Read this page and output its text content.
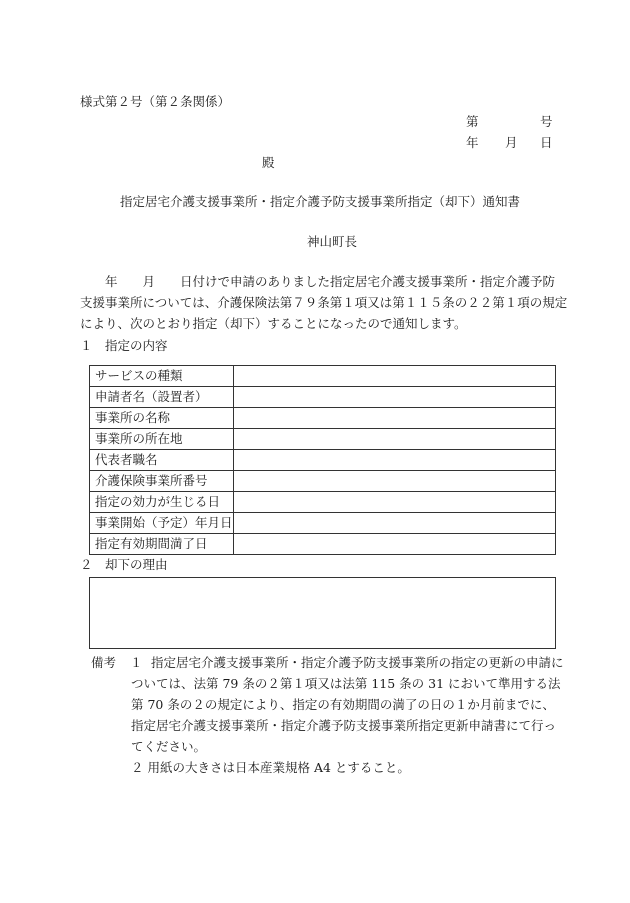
様式第２号（第２条関係）
第	号
年 月 日
殿
指定居宅介護支援事業所・指定介護予防支援事業所指定（却下）通知書
神山町長
　　年　　月　　日付けで申請のありました指定居宅介護支援事業所・指定介護予防
支援事業所については、介護保険法第７９条第１項又は第１１５条の２２第１項の規定
により、次のとおり指定（却下）することになったので通知します。
１　指定の内容
サービスの種類	
申請者名（設置者）	
事業所の名称	
事業所の所在地	
代表者職名	
介護保険事業所番号	
指定の効力が生じる日	
事業開始（予定）年月日	
指定有効期間満了日	
２　却下の理由
備考 １ 指定居宅介護支援事業所・指定介護予防支援事業所の指定の更新の申請に
ついては、法第 79 条の２第１項又は法第 115 条の 31 において準用する法
第 70 条の２の規定により、指定の有効期間の満了の日の１か月前までに、
指定居宅介護支援事業所・指定介護予防支援事業所指定更新申請書にて行っ
てください。
２ 用紙の大きさは日本産業規格 A4 とすること。
